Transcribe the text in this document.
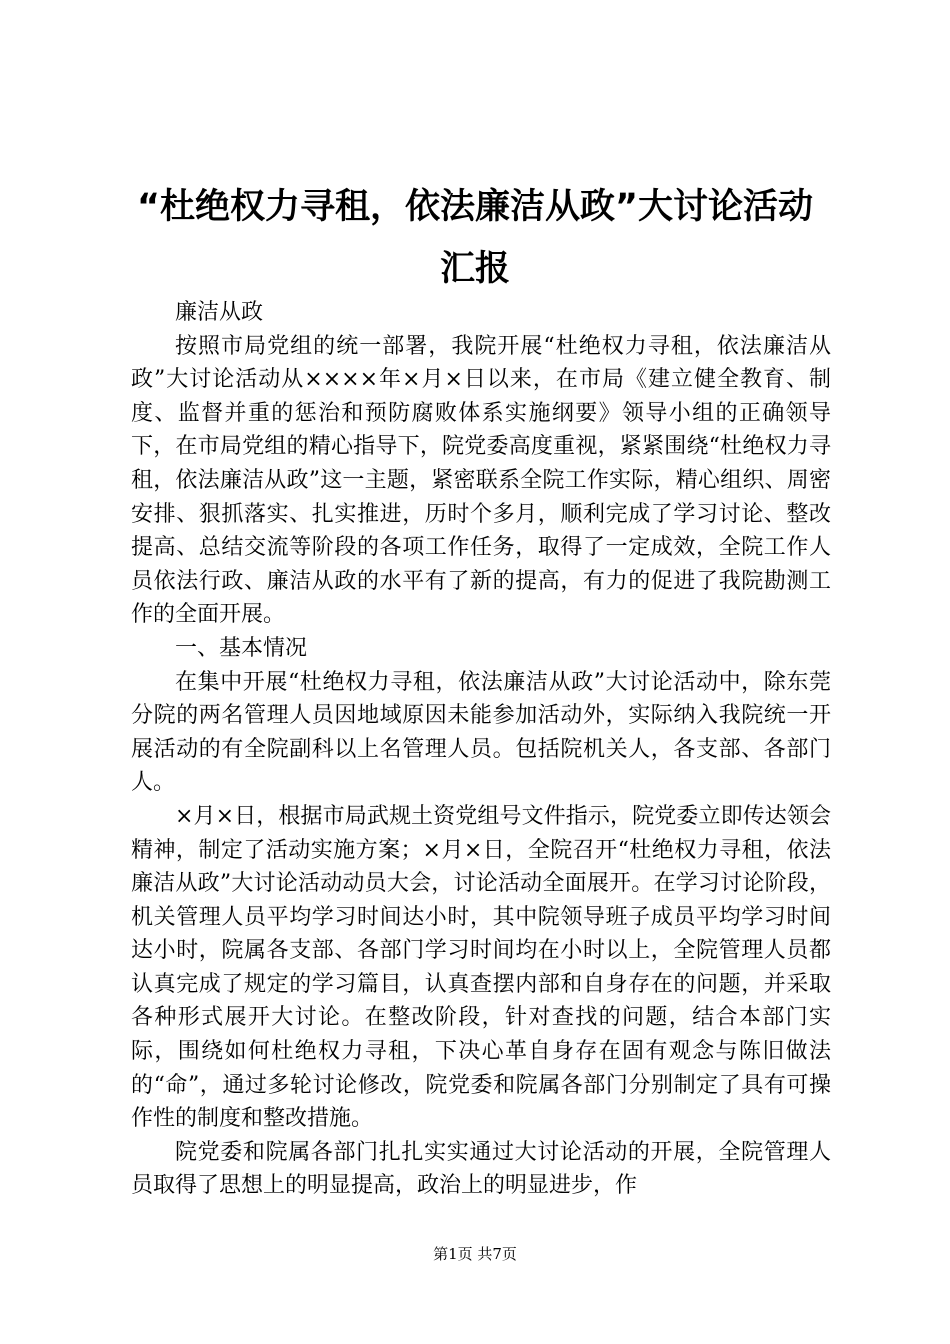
“杜绝权力寻租，依法廉洁从政”大讨论活动
汇报

廉洁从政

按照市局党组的统一部署，我院开展“杜绝权力寻租，依法廉洁从政”大讨论活动从××××年×月×日以来，在市局《建立健全教育、制度、监督并重的惩治和预防腐败体系实施纲要》领导小组的正确领导下，在市局党组的精心指导下，院党委高度重视，紧紧围绕“杜绝权力寻租，依法廉洁从政”这一主题，紧密联系全院工作实际，精心组织、周密安排、狠抓落实、扎实推进，历时个多月，顺利完成了学习讨论、整改提高、总结交流等阶段的各项工作任务，取得了一定成效，全院工作人员依法行政、廉洁从政的水平有了新的提高，有力的促进了我院勘测工作的全面开展。

一、基本情况

在集中开展“杜绝权力寻租，依法廉洁从政”大讨论活动中，除东莞分院的两名管理人员因地域原因未能参加活动外，实际纳入我院统一开展活动的有全院副科以上名管理人员。包括院机关人，各支部、各部门人。

×月×日，根据市局武规土资党组号文件指示，院党委立即传达领会精神，制定了活动实施方案；×月×日，全院召开“杜绝权力寻租，依法廉洁从政”大讨论活动动员大会，讨论活动全面展开。在学习讨论阶段，机关管理人员平均学习时间达小时，其中院领导班子成员平均学习时间达小时，院属各支部、各部门学习时间均在小时以上，全院管理人员都认真完成了规定的学习篇目，认真查摆内部和自身存在的问题，并采取各种形式展开大讨论。在整改阶段，针对查找的问题，结合本部门实际，围绕如何杜绝权力寻租，下决心革自身存在固有观念与陈旧做法的“命”，通过多轮讨论修改，院党委和院属各部门分别制定了具有可操作性的制度和整改措施。

院党委和院属各部门扎扎实实通过大讨论活动的开展，全院管理人员取得了思想上的明显提高，政治上的明显进步，作

第1页 共7页
